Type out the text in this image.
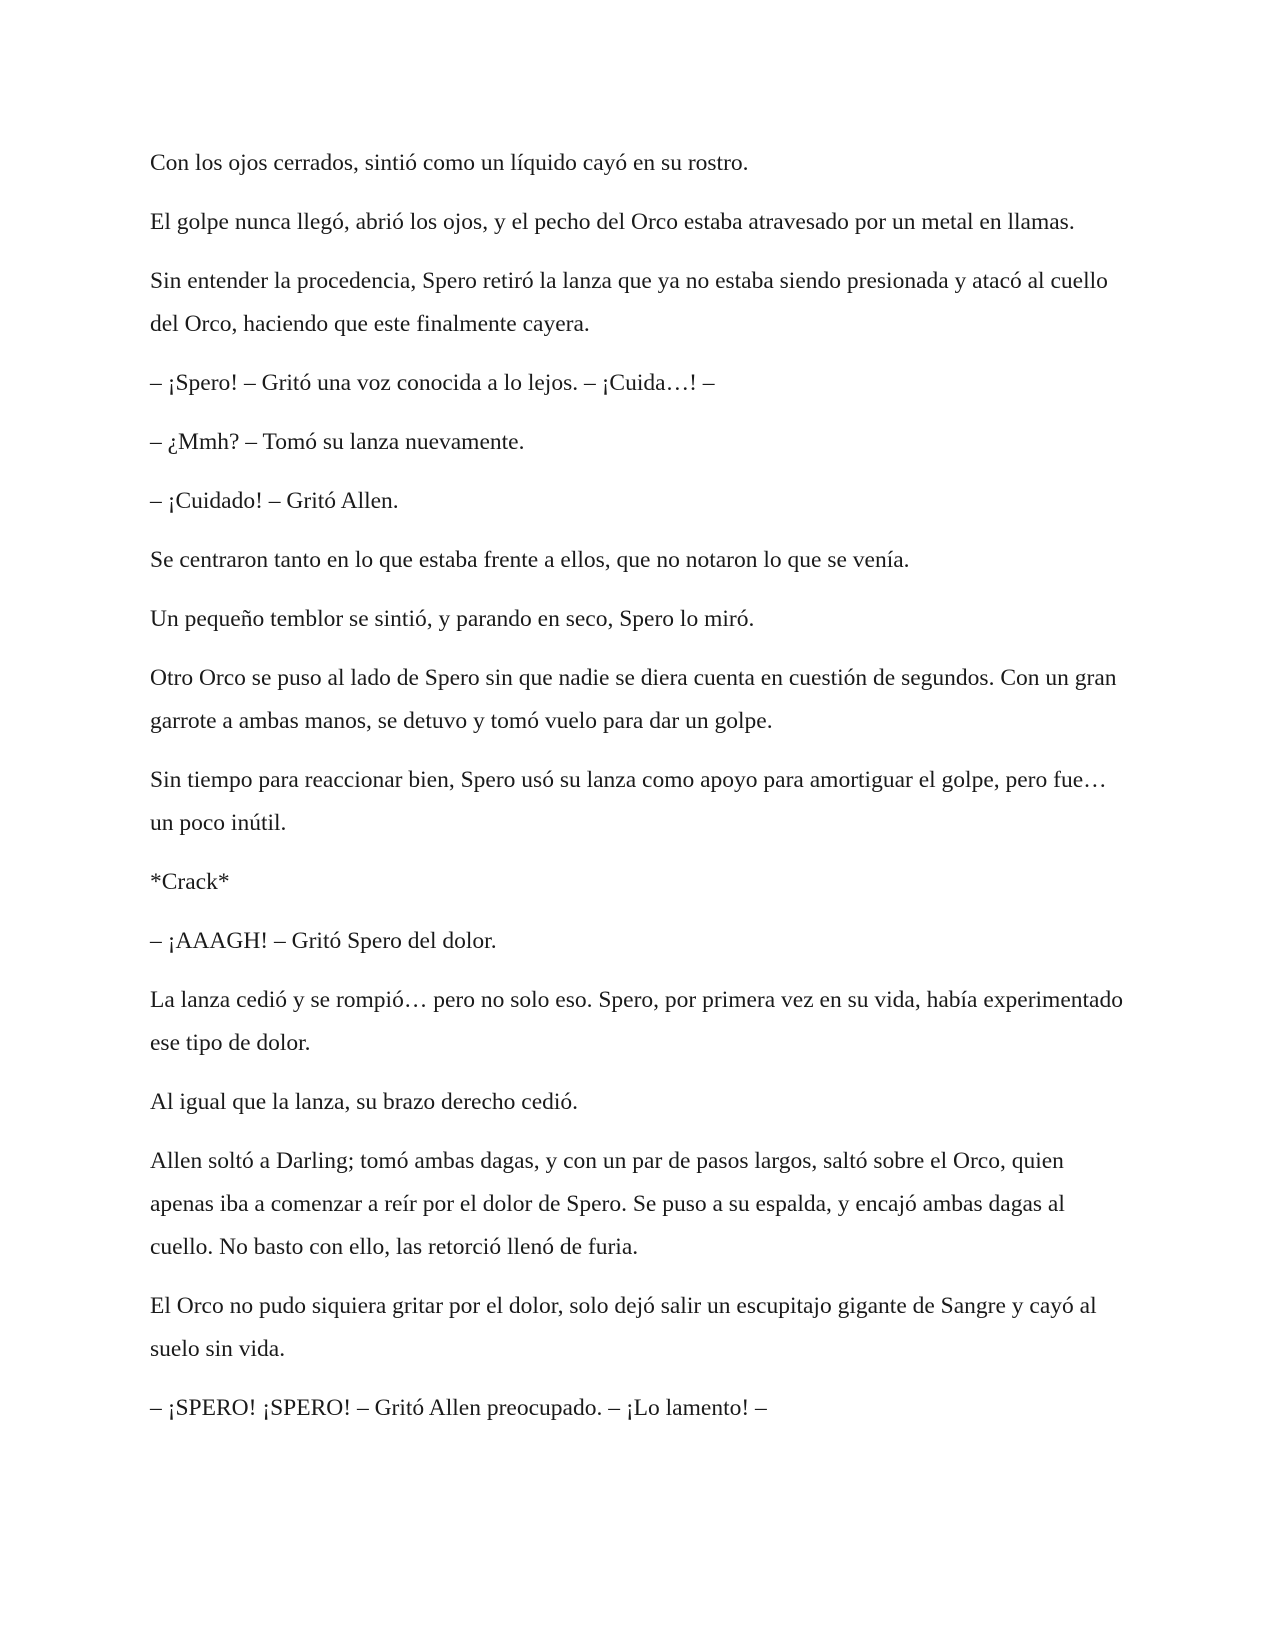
Con los ojos cerrados, sintió como un líquido cayó en su rostro.

El golpe nunca llegó, abrió los ojos, y el pecho del Orco estaba atravesado por un metal en llamas.

Sin entender la procedencia, Spero retiró la lanza que ya no estaba siendo presionada y atacó al cuello del Orco, haciendo que este finalmente cayera.

– ¡Spero! – Gritó una voz conocida a lo lejos. – ¡Cuida…! –

– ¿Mmh? – Tomó su lanza nuevamente.

– ¡Cuidado! – Gritó Allen.

Se centraron tanto en lo que estaba frente a ellos, que no notaron lo que se venía.

Un pequeño temblor se sintió, y parando en seco, Spero lo miró.

Otro Orco se puso al lado de Spero sin que nadie se diera cuenta en cuestión de segundos. Con un gran garrote a ambas manos, se detuvo y tomó vuelo para dar un golpe.

Sin tiempo para reaccionar bien, Spero usó su lanza como apoyo para amortiguar el golpe, pero fue… un poco inútil.

*Crack*

– ¡AAAGH! – Gritó Spero del dolor.

La lanza cedió y se rompió… pero no solo eso. Spero, por primera vez en su vida, había experimentado ese tipo de dolor.

Al igual que la lanza, su brazo derecho cedió.

Allen soltó a Darling; tomó ambas dagas, y con un par de pasos largos, saltó sobre el Orco, quien apenas iba a comenzar a reír por el dolor de Spero. Se puso a su espalda, y encajó ambas dagas al cuello. No basto con ello, las retorció llenó de furia.

El Orco no pudo siquiera gritar por el dolor, solo dejó salir un escupitajo gigante de Sangre y cayó al suelo sin vida.

– ¡SPERO! ¡SPERO! – Gritó Allen preocupado. – ¡Lo lamento! –
